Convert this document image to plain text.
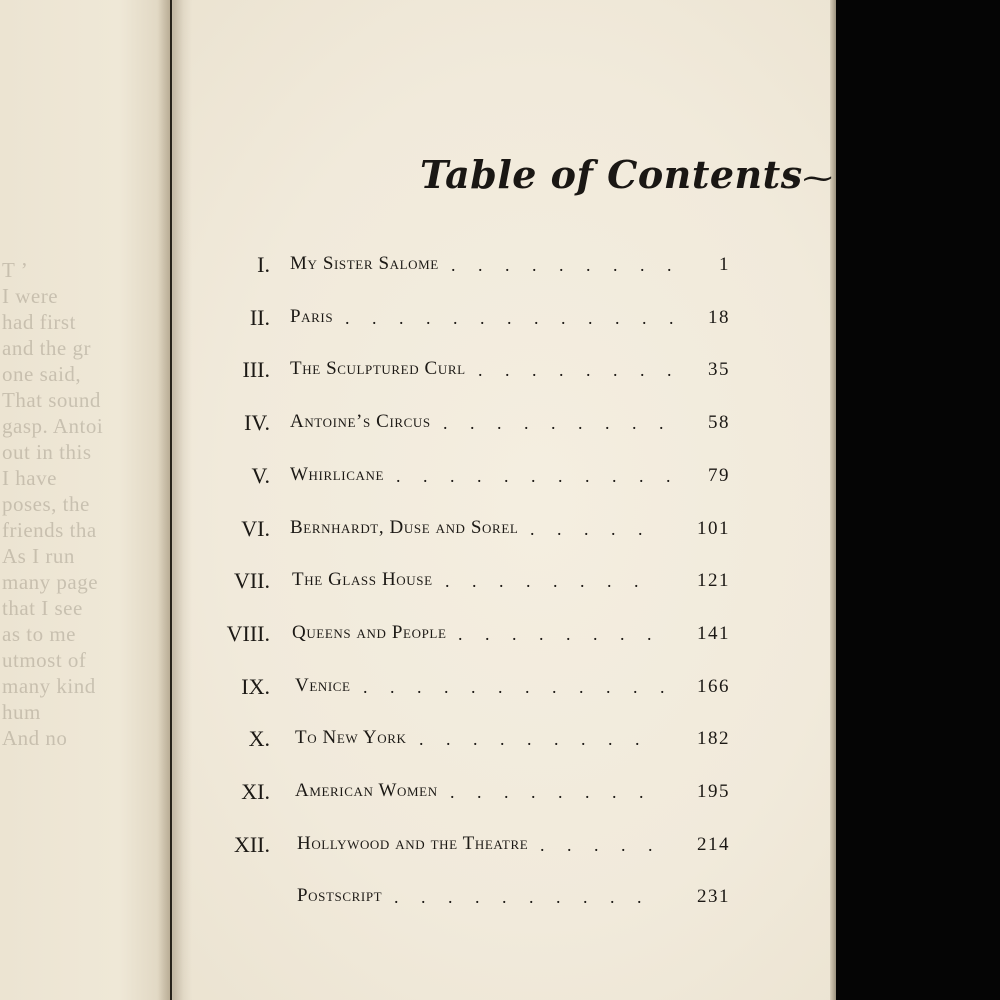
T ’
I were
had first
and the gr
one said,
That sound
gasp. Antoi
out in this
I have
poses, the
friends tha
As I run
many page
that I see
as to me
utmost of
many kind
hum
And no
Table of Contents⁓
I. My Sister Salome . . . . . . . . .	1
II. Paris . . . . . . . . . . . . .	18
III. The Sculptured Curl . . . . . . . .	35
IV. Antoine’s Circus . . . . . . . . .	58
V. Whirlicane . . . . . . . . . . .	79
VI. Bernhardt, Duse and Sorel . . . . .	101
VII. The Glass House . . . . . . . .	121
VIII. Queens and People . . . . . . . .	141
IX. Venice . . . . . . . . . . . .	166
X. To New York . . . . . . . . .	182
XI. American Women . . . . . . . .	195
XII. Hollywood and the Theatre . . . . .	214
Postscript . . . . . . . . . .	231
